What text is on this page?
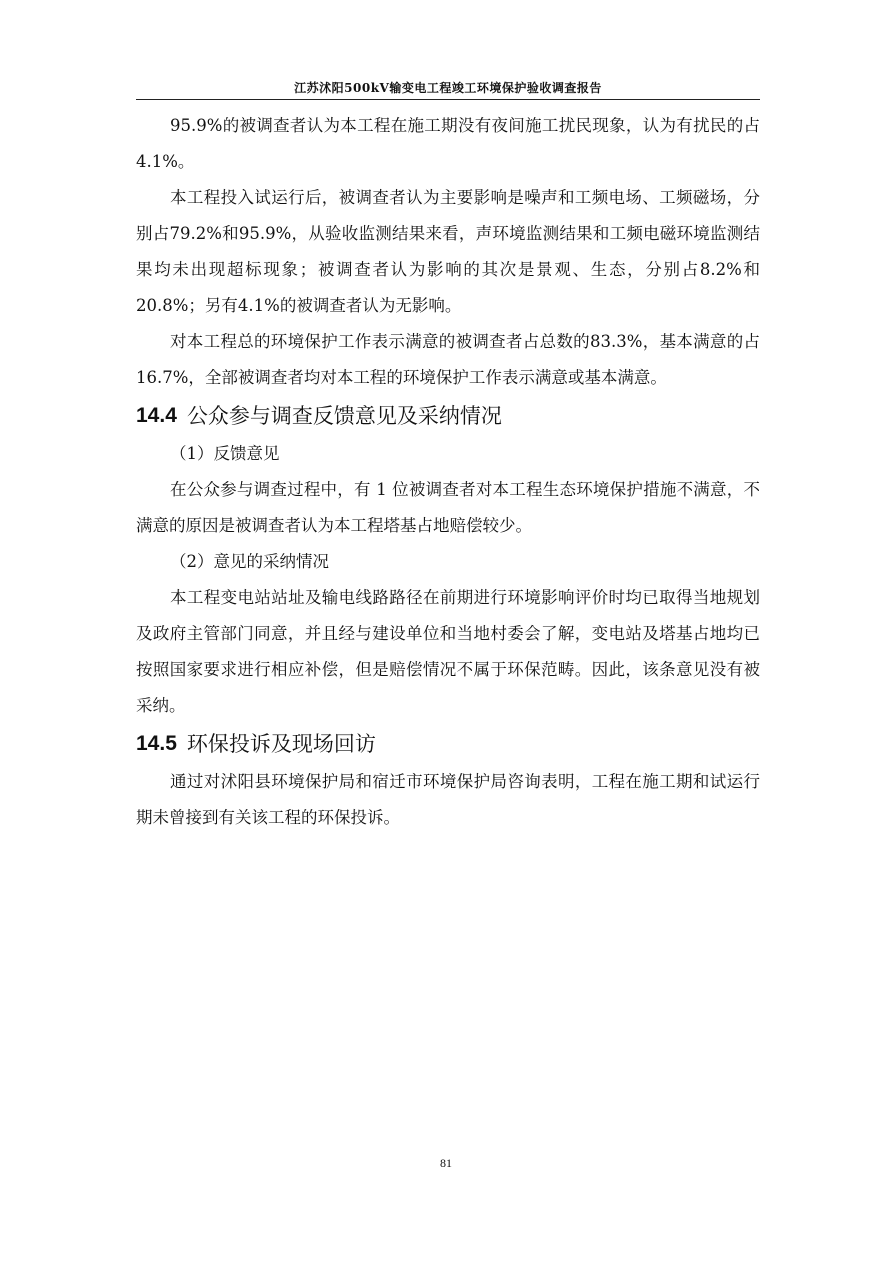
江苏沭阳500kV输变电工程竣工环境保护验收调查报告

95.9%的被调查者认为本工程在施工期没有夜间施工扰民现象，认为有扰民的占4.1%。

本工程投入试运行后，被调查者认为主要影响是噪声和工频电场、工频磁场，分别占79.2%和95.9%，从验收监测结果来看，声环境监测结果和工频电磁环境监测结果均未出现超标现象；被调查者认为影响的其次是景观、生态，分别占8.2%和20.8%；另有4.1%的被调查者认为无影响。

对本工程总的环境保护工作表示满意的被调查者占总数的83.3%，基本满意的占16.7%，全部被调查者均对本工程的环境保护工作表示满意或基本满意。

14.4 公众参与调查反馈意见及采纳情况

（1）反馈意见

在公众参与调查过程中，有 1 位被调查者对本工程生态环境保护措施不满意，不满意的原因是被调查者认为本工程塔基占地赔偿较少。

（2）意见的采纳情况

本工程变电站站址及输电线路路径在前期进行环境影响评价时均已取得当地规划及政府主管部门同意，并且经与建设单位和当地村委会了解，变电站及塔基占地均已按照国家要求进行相应补偿，但是赔偿情况不属于环保范畴。因此，该条意见没有被采纳。

14.5 环保投诉及现场回访

通过对沭阳县环境保护局和宿迁市环境保护局咨询表明，工程在施工期和试运行期未曾接到有关该工程的环保投诉。

81
